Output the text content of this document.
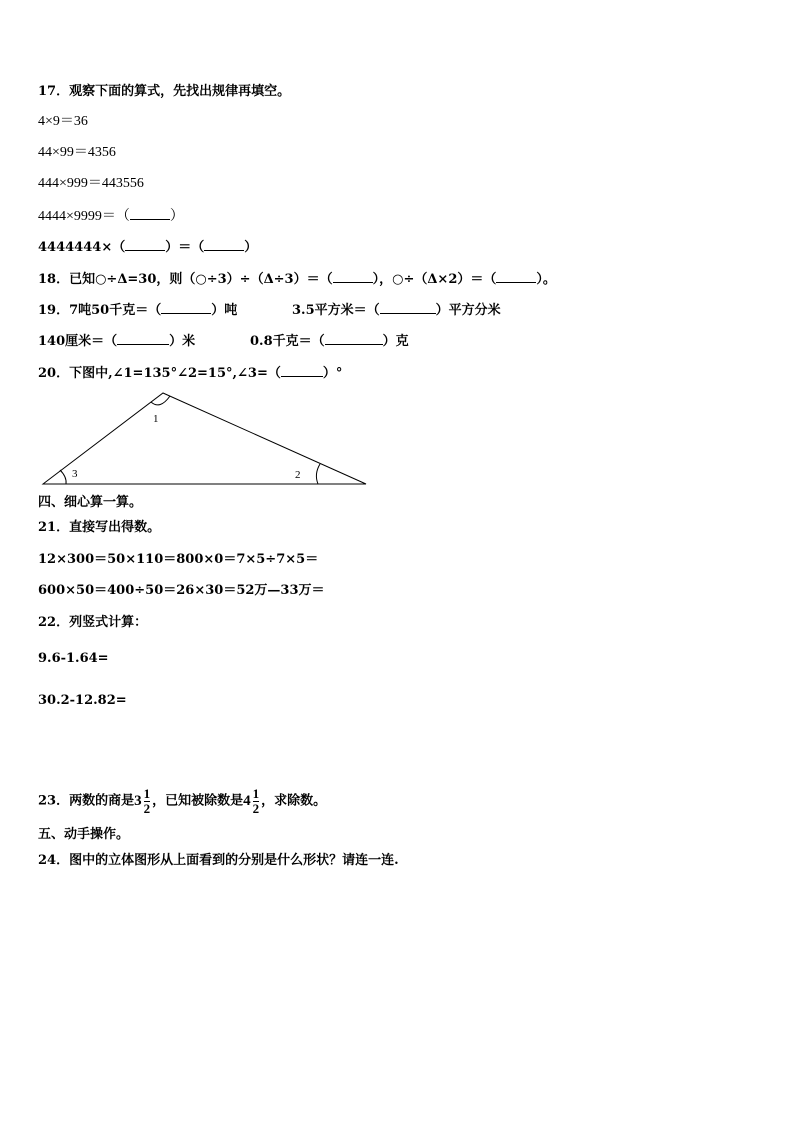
17．观察下面的算式，先找出规律再填空。
4×9＝36
44×99＝4356
444×999＝443556
4444×9999＝（	）
4444444×（	）＝（	）
18．已知○÷Δ=30，则（○÷3）÷（Δ÷3）＝（	），○÷（Δ×2）＝（	）。
19．7吨50千克＝（	）吨	3.5平方米＝（	）平方分米
140厘米＝（	）米	0.8千克＝（	）克
20．下图中,∠1=135°∠2=15°,∠3=（	）°
1
2
3
四、细心算一算。
21．直接写出得数。
12×300＝50×110＝800×0＝7×5÷7×5＝
600×50＝400÷50＝26×30＝52万—33万＝
22．列竖式计算：
9.6-1.64=
30.2-12.82=
23．两数的商是 $3 \frac{1}{2}$ ，已知被除数是 $4 \frac{1}{2}$ ，求除数。
五、动手操作。
24．图中的立体图形从上面看到的分别是什么形状？请连一连.
